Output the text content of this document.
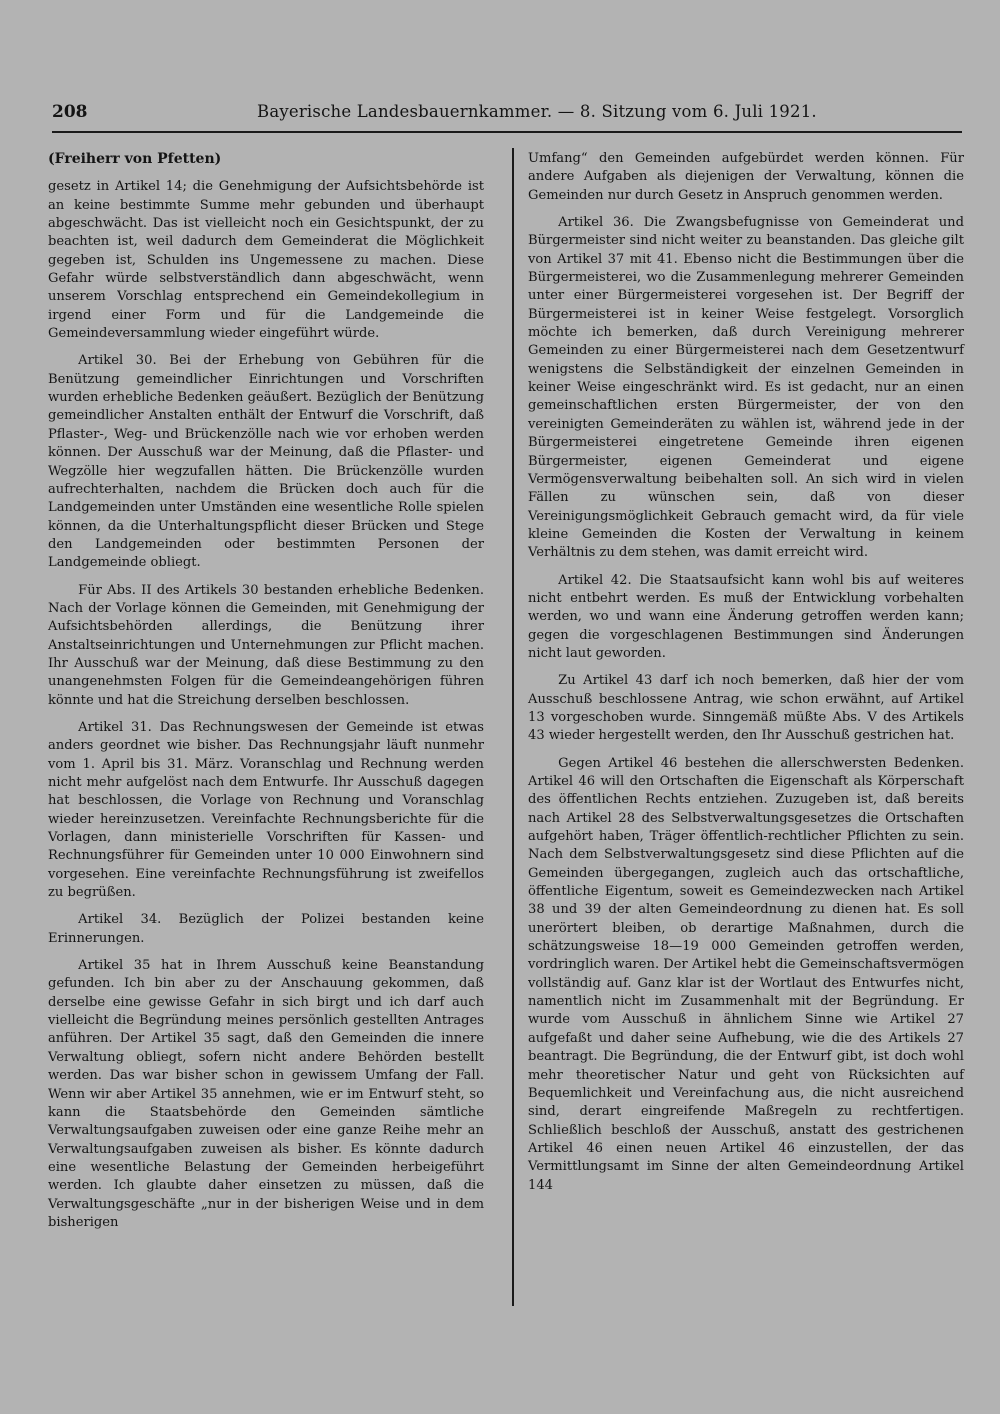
208	Bayerische Landesbauernkammer. — 8. Sitzung vom 6. Juli 1921.

(Freiherr von Pfetten)

gesetz in Artikel 14; die Genehmigung der Aufsichtsbehörde ist an keine bestimmte Summe mehr gebunden und überhaupt abgeschwächt. Das ist vielleicht noch ein Gesichtspunkt, der zu beachten ist, weil dadurch dem Gemeinderat die Möglichkeit gegeben ist, Schulden ins Ungemessene zu machen. Diese Gefahr würde selbstverständlich dann abgeschwächt, wenn unserem Vorschlag entsprechend ein Gemeindekollegium in irgend einer Form und für die Landgemeinde die Gemeindeversammlung wieder eingeführt würde.

Artikel 30. Bei der Erhebung von Gebühren für die Benützung gemeindlicher Einrichtungen und Vorschriften wurden erhebliche Bedenken geäußert. Bezüglich der Benützung gemeindlicher Anstalten enthält der Entwurf die Vorschrift, daß Pflaster-, Weg- und Brückenzölle nach wie vor erhoben werden können. Der Ausschuß war der Meinung, daß die Pflaster- und Wegzölle hier wegzufallen hätten. Die Brückenzölle wurden aufrechterhalten, nachdem die Brücken doch auch für die Landgemeinden unter Umständen eine wesentliche Rolle spielen können, da die Unterhaltungspflicht dieser Brücken und Stege den Landgemeinden oder bestimmten Personen der Landgemeinde obliegt.

Für Abs. II des Artikels 30 bestanden erhebliche Bedenken. Nach der Vorlage können die Gemeinden, mit Genehmigung der Aufsichtsbehörden allerdings, die Benützung ihrer Anstaltseinrichtungen und Unternehmungen zur Pflicht machen. Ihr Ausschuß war der Meinung, daß diese Bestimmung zu den unangenehmsten Folgen für die Gemeindeangehörigen führen könnte und hat die Streichung derselben beschlossen.

Artikel 31. Das Rechnungswesen der Gemeinde ist etwas anders geordnet wie bisher. Das Rechnungsjahr läuft nunmehr vom 1. April bis 31. März. Voranschlag und Rechnung werden nicht mehr aufgelöst nach dem Entwurfe. Ihr Ausschuß dagegen hat beschlossen, die Vorlage von Rechnung und Voranschlag wieder hereinzusetzen. Vereinfachte Rechnungsberichte für die Vorlagen, dann ministerielle Vorschriften für Kassen- und Rechnungsführer für Gemeinden unter 10 000 Einwohnern sind vorgesehen. Eine vereinfachte Rechnungsführung ist zweifellos zu begrüßen.

Artikel 34. Bezüglich der Polizei bestanden keine Erinnerungen.

Artikel 35 hat in Ihrem Ausschuß keine Beanstandung gefunden. Ich bin aber zu der Anschauung gekommen, daß derselbe eine gewisse Gefahr in sich birgt und ich darf auch vielleicht die Begründung meines persönlich gestellten Antrages anführen. Der Artikel 35 sagt, daß den Gemeinden die innere Verwaltung obliegt, sofern nicht andere Behörden bestellt werden. Das war bisher schon in gewissem Umfang der Fall. Wenn wir aber Artikel 35 annehmen, wie er im Entwurf steht, so kann die Staatsbehörde den Gemeinden sämtliche Verwaltungsaufgaben zuweisen oder eine ganze Reihe mehr an Verwaltungsaufgaben zuweisen als bisher. Es könnte dadurch eine wesentliche Belastung der Gemeinden herbeigeführt werden. Ich glaubte daher einsetzen zu müssen, daß die Verwaltungsgeschäfte „nur in der bisherigen Weise und in dem bisherigen

Umfang“ den Gemeinden aufgebürdet werden können. Für andere Aufgaben als diejenigen der Verwaltung, können die Gemeinden nur durch Gesetz in Anspruch genommen werden.

Artikel 36. Die Zwangsbefugnisse von Gemeinderat und Bürgermeister sind nicht weiter zu beanstanden. Das gleiche gilt von Artikel 37 mit 41. Ebenso nicht die Bestimmungen über die Bürgermeisterei, wo die Zusammenlegung mehrerer Gemeinden unter einer Bürgermeisterei vorgesehen ist. Der Begriff der Bürgermeisterei ist in keiner Weise festgelegt. Vorsorglich möchte ich bemerken, daß durch Vereinigung mehrerer Gemeinden zu einer Bürgermeisterei nach dem Gesetzentwurf wenigstens die Selbständigkeit der einzelnen Gemeinden in keiner Weise eingeschränkt wird. Es ist gedacht, nur an einen gemeinschaftlichen ersten Bürgermeister, der von den vereinigten Gemeinderäten zu wählen ist, während jede in der Bürgermeisterei eingetretene Gemeinde ihren eigenen Bürgermeister, eigenen Gemeinderat und eigene Vermögensverwaltung beibehalten soll. An sich wird in vielen Fällen zu wünschen sein, daß von dieser Vereinigungsmöglichkeit Gebrauch gemacht wird, da für viele kleine Gemeinden die Kosten der Verwaltung in keinem Verhältnis zu dem stehen, was damit erreicht wird.

Artikel 42. Die Staatsaufsicht kann wohl bis auf weiteres nicht entbehrt werden. Es muß der Entwicklung vorbehalten werden, wo und wann eine Änderung getroffen werden kann; gegen die vorgeschlagenen Bestimmungen sind Änderungen nicht laut geworden.

Zu Artikel 43 darf ich noch bemerken, daß hier der vom Ausschuß beschlossene Antrag, wie schon erwähnt, auf Artikel 13 vorgeschoben wurde. Sinngemäß müßte Abs. V des Artikels 43 wieder hergestellt werden, den Ihr Ausschuß gestrichen hat.

Gegen Artikel 46 bestehen die allerschwersten Bedenken. Artikel 46 will den Ortschaften die Eigenschaft als Körperschaft des öffentlichen Rechts entziehen. Zuzugeben ist, daß bereits nach Artikel 28 des Selbstverwaltungsgesetzes die Ortschaften aufgehört haben, Träger öffentlich-rechtlicher Pflichten zu sein. Nach dem Selbstverwaltungsgesetz sind diese Pflichten auf die Gemeinden übergegangen, zugleich auch das ortschaftliche, öffentliche Eigentum, soweit es Gemeindezwecken nach Artikel 38 und 39 der alten Gemeindeordnung zu dienen hat. Es soll unerörtert bleiben, ob derartige Maßnahmen, durch die schätzungsweise 18—19 000 Gemeinden getroffen werden, vordringlich waren. Der Artikel hebt die Gemeinschaftsvermögen vollständig auf. Ganz klar ist der Wortlaut des Entwurfes nicht, namentlich nicht im Zusammenhalt mit der Begründung. Er wurde vom Ausschuß in ähnlichem Sinne wie Artikel 27 aufgefaßt und daher seine Aufhebung, wie die des Artikels 27 beantragt. Die Begründung, die der Entwurf gibt, ist doch wohl mehr theoretischer Natur und geht von Rücksichten auf Bequemlichkeit und Vereinfachung aus, die nicht ausreichend sind, derart eingreifende Maßregeln zu rechtfertigen. Schließlich beschloß der Ausschuß, anstatt des gestrichenen Artikel 46 einen neuen Artikel 46 einzustellen, der das Vermittlungsamt im Sinne der alten Gemeindeordnung Artikel 144
